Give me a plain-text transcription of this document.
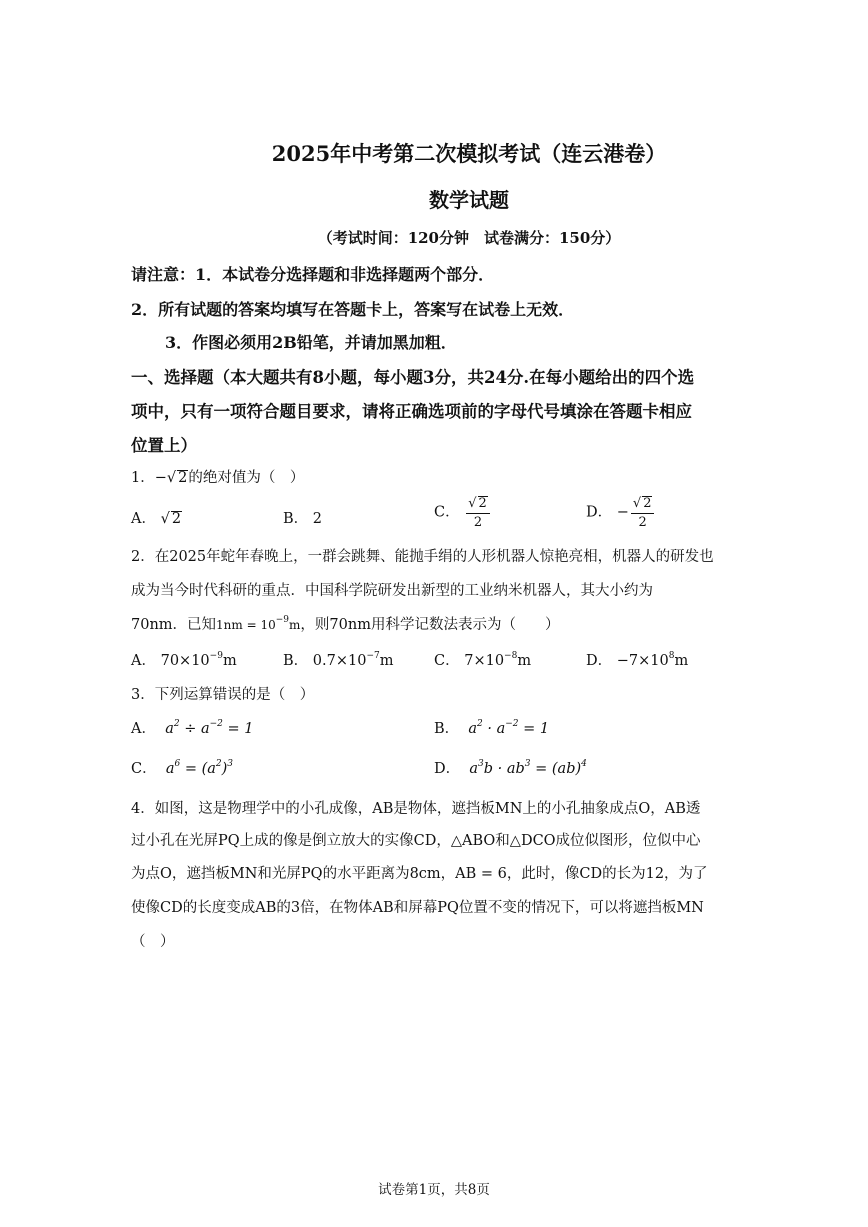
2025年中考第二次模拟考试（连云港卷）
数学试题
（考试时间：120分钟　试卷满分：150分）
请注意：1．本试卷分选择题和非选择题两个部分．
2．所有试题的答案均填写在答题卡上，答案写在试卷上无效．
3．作图必须用2B铅笔，并请加黑加粗．
一、选择题（本大题共有8小题，每小题3分，共24分.在每小题给出的四个选
项中，只有一项符合题目要求，请将正确选项前的字母代号填涂在答题卡相应
位置上）
1．−√ 2的绝对值为（　）
A． √ 2	B． 2	C． $\frac{√ 2}{2}$	D． − $\frac{√ 2}{2}$
2．在2025年蛇年春晚上，一群会跳舞、能抛手绢的人形机器人惊艳亮相，机器人的研发也
成为当今时代科研的重点．中国科学院研发出新型的工业纳米机器人，其大小约为
70nm．已知$1nm = 10^{-9}m$，则70nm用科学记数法表示为（　　）
A． $70\times 10^{-9}m$	B． $0.7\times 10^{-7}m$	C． $7\times 10^{-8}m$	D． $-7\times 10^8m$
3．下列运算错误的是（　）
A． $a^2 \div a^{-2} = 1$	B． $a^2 \cdot a^{-2} = 1$
C． $a^6 = (a^2)^3$	D． $a^3b \cdot ab^3 = (ab)^4$
4．如图，这是物理学中的小孔成像，AB是物体，遮挡板MN上的小孔抽象成点O，AB透
过小孔在光屏PQ上成的像是倒立放大的实像CD，△ABO和△DCO成位似图形，位似中心
为点O，遮挡板MN和光屏PQ的水平距离为8cm，AB = 6，此时，像CD的长为12，为了
使像CD的长度变成AB的3倍，在物体AB和屏幕PQ位置不变的情况下，可以将遮挡板MN
（　）
试卷第1页，共8页
